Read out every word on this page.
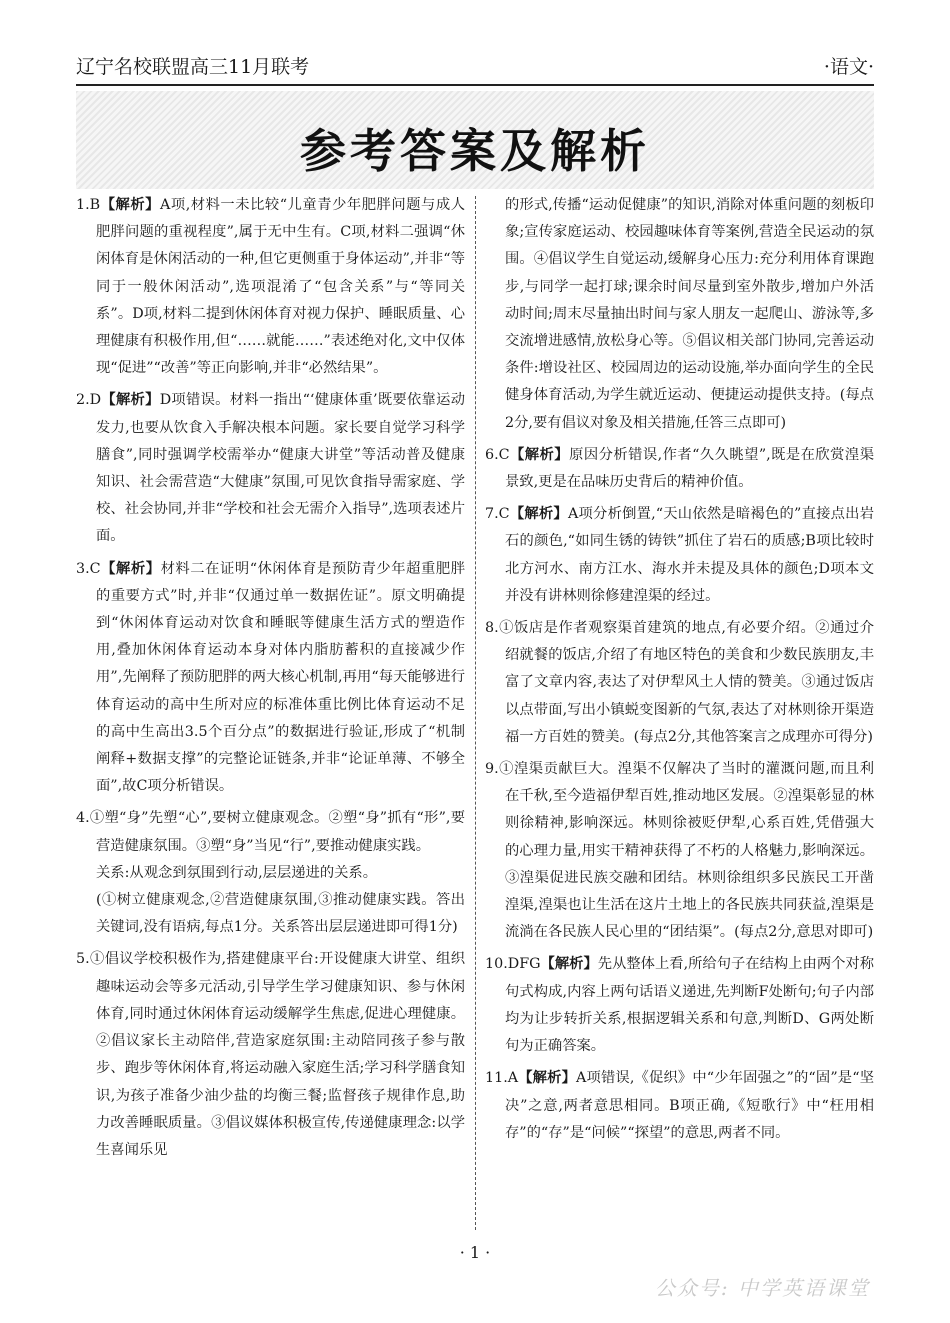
辽宁名校联盟高三11月联考	·语文·
参考答案及解析
1.B【解析】A项,材料一未比较“儿童青少年肥胖问题与成人肥胖问题的重视程度”,属于无中生有。C项,材料二强调“休闲体育是休闲活动的一种,但它更侧重于身体运动”,并非“等同于一般休闲活动”,选项混淆了“包含关系”与“等同关系”。D项,材料二提到休闲体育对视力保护、睡眠质量、心理健康有积极作用,但“……就能……”表述绝对化,文中仅体现“促进”“改善”等正向影响,并非“必然结果”。
2.D【解析】D项错误。材料一指出“‘健康体重’既要依靠运动发力,也要从饮食入手解决根本问题。家长要自觉学习科学膳食”,同时强调学校需举办“健康大讲堂”等活动普及健康知识、社会需营造“大健康”氛围,可见饮食指导需家庭、学校、社会协同,并非“学校和社会无需介入指导”,选项表述片面。
3.C【解析】材料二在证明“休闲体育是预防青少年超重肥胖的重要方式”时,并非“仅通过单一数据佐证”。原文明确提到“休闲体育运动对饮食和睡眠等健康生活方式的塑造作用,叠加休闲体育运动本身对体内脂肪蓄积的直接减少作用”,先阐释了预防肥胖的两大核心机制,再用“每天能够进行体育运动的高中生所对应的标准体重比例比体育运动不足的高中生高出3.5个百分点”的数据进行验证,形成了“机制阐释+数据支撑”的完整论证链条,并非“论证单薄、不够全面”,故C项分析错误。

4.①塑“身”先塑“心”,要树立健康观念。②塑“身”抓有“形”,要营造健康氛围。③塑“身”当见“行”,要推动健康实践。

关系:从观念到氛围到行动,层层递进的关系。

(①树立健康观念,②营造健康氛围,③推动健康实践。答出关键词,没有语病,每点1分。关系答出层层递进即可得1分)

5.①倡议学校积极作为,搭建健康平台:开设健康大讲堂、组织趣味运动会等多元活动,引导学生学习健康知识、参与休闲体育,同时通过休闲体育运动缓解学生焦虑,促进心理健康。②倡议家长主动陪伴,营造家庭氛围:主动陪同孩子参与散步、跑步等休闲体育,将运动融入家庭生活;学习科学膳食知识,为孩子准备少油少盐的均衡三餐;监督孩子规律作息,助力改善睡眠质量。③倡议媒体积极宣传,传递健康理念:以学生喜闻乐见
的形式,传播“运动促健康”的知识,消除对体重问题的刻板印象;宣传家庭运动、校园趣味体育等案例,营造全民运动的氛围。④倡议学生自觉运动,缓解身心压力:充分利用体育课跑步,与同学一起打球;课余时间尽量到室外散步,增加户外活动时间;周末尽量抽出时间与家人朋友一起爬山、游泳等,多交流增进感情,放松身心等。⑤倡议相关部门协同,完善运动条件:增设社区、校园周边的运动设施,举办面向学生的全民健身体育活动,为学生就近运动、便捷运动提供支持。(每点2分,要有倡议对象及相关措施,任答三点即可)
6.C【解析】原因分析错误,作者“久久眺望”,既是在欣赏湟渠景致,更是在品味历史背后的精神价值。
7.C【解析】A项分析倒置,“天山依然是暗褐色的”直接点出岩石的颜色,“如同生锈的铸铁”抓住了岩石的质感;B项比较时北方河水、南方江水、海水并未提及具体的颜色;D项本文并没有讲林则徐修建湟渠的经过。
8.①饭店是作者观察渠首建筑的地点,有必要介绍。②通过介绍就餐的饭店,介绍了有地区特色的美食和少数民族朋友,丰富了文章内容,表达了对伊犁风土人情的赞美。③通过饭店以点带面,写出小镇蜕变图新的气氛,表达了对林则徐开渠造福一方百姓的赞美。(每点2分,其他答案言之成理亦可得分)
9.①湟渠贡献巨大。湟渠不仅解决了当时的灌溉问题,而且利在千秋,至今造福伊犁百姓,推动地区发展。②湟渠彰显的林则徐精神,影响深远。林则徐被贬伊犁,心系百姓,凭借强大的心理力量,用实干精神获得了不朽的人格魅力,影响深远。③湟渠促进民族交融和团结。林则徐组织多民族民工开凿湟渠,湟渠也让生活在这片土地上的各民族共同获益,湟渠是流淌在各民族人民心里的“团结渠”。(每点2分,意思对即可)
10.DFG【解析】先从整体上看,所给句子在结构上由两个对称句式构成,内容上两句话语义递进,先判断F处断句;句子内部均为让步转折关系,根据逻辑关系和句意,判断D、G两处断句为正确答案。
11.A【解析】A项错误,《促织》中“少年固强之”的“固”是“坚决”之意,两者意思相同。B项正确,《短歌行》中“枉用相存”的“存”是“问候”“探望”的意思,两者不同。
· 1 ·
公众号: 中学英语课堂
